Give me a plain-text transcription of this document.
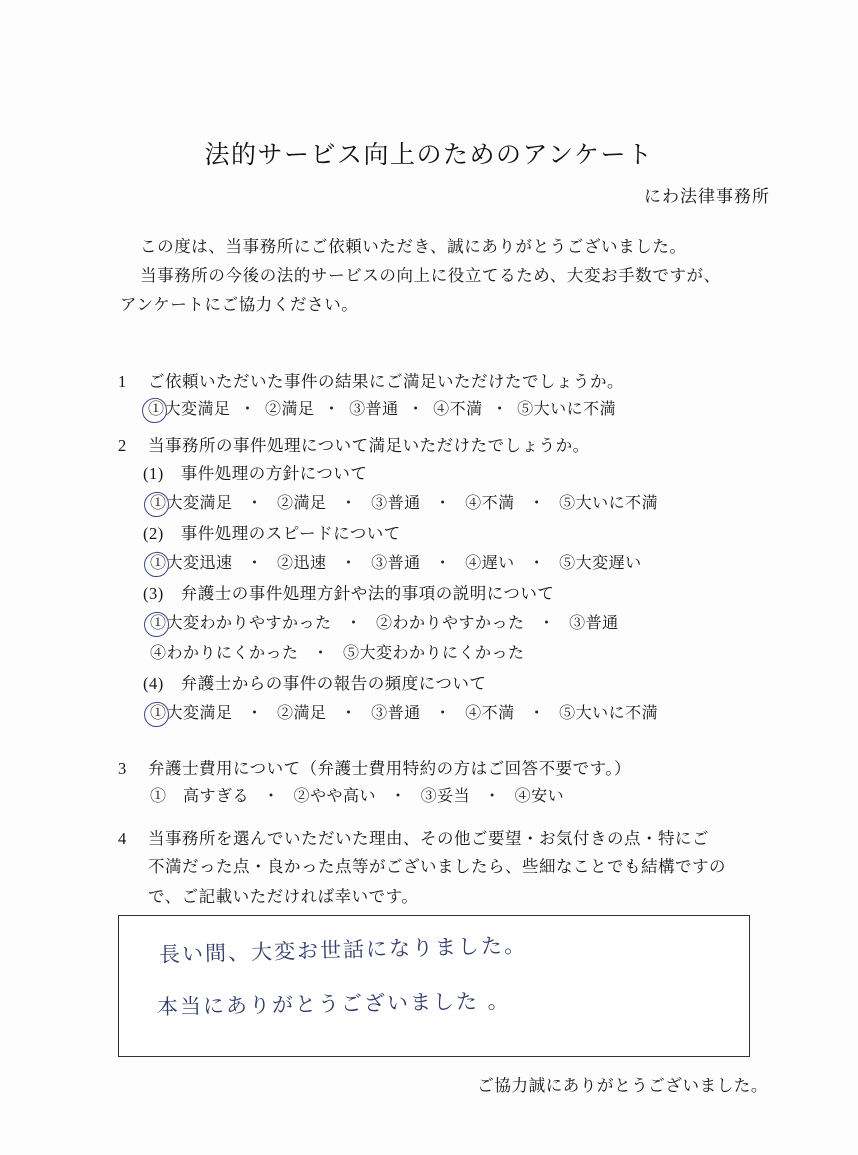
法的サービス向上のためのアンケート
にわ法律事務所

この度は、当事務所にご依頼いただき、誠にありがとうございました。

当事務所の今後の法的サービスの向上に役立てるため、大変お手数ですが、

アンケートにご協力ください。

1	ご依頼いただいた事件の結果にご満足いただけたでしょうか。
①大変満足 ・ ②満足 ・ ③普通 ・ ④不満 ・ ⑤大いに不満
2	当事務所の事件処理について満足いただけたでしょうか。
(1)　事件処理の方針について
①大変満足 ・ ②満足 ・ ③普通 ・ ④不満 ・ ⑤大いに不満
(2)　事件処理のスピードについて
①大変迅速 ・ ②迅速 ・ ③普通 ・ ④遅い ・ ⑤大変遅い
(3)　弁護士の事件処理方針や法的事項の説明について
①大変わかりやすかった ・ ②わかりやすかった ・ ③普通
④わかりにくかった ・ ⑤大変わかりにくかった
(4)　弁護士からの事件の報告の頻度について
①大変満足 ・ ②満足 ・ ③普通 ・ ④不満 ・ ⑤大いに不満
3	弁護士費用について（弁護士費用特約の方はご回答不要です。）
①　高すぎる ・ ②やや高い ・ ③妥当 ・ ④安い
4	当事務所を選んでいただいた理由、その他ご要望・お気付きの点・特にご
不満だった点・良かった点等がございましたら、些細なことでも結構ですの
で、ご記載いただければ幸いです。
長い間、大変お世話になりました。
本当にありがとうございました 。
ご協力誠にありがとうございました。
